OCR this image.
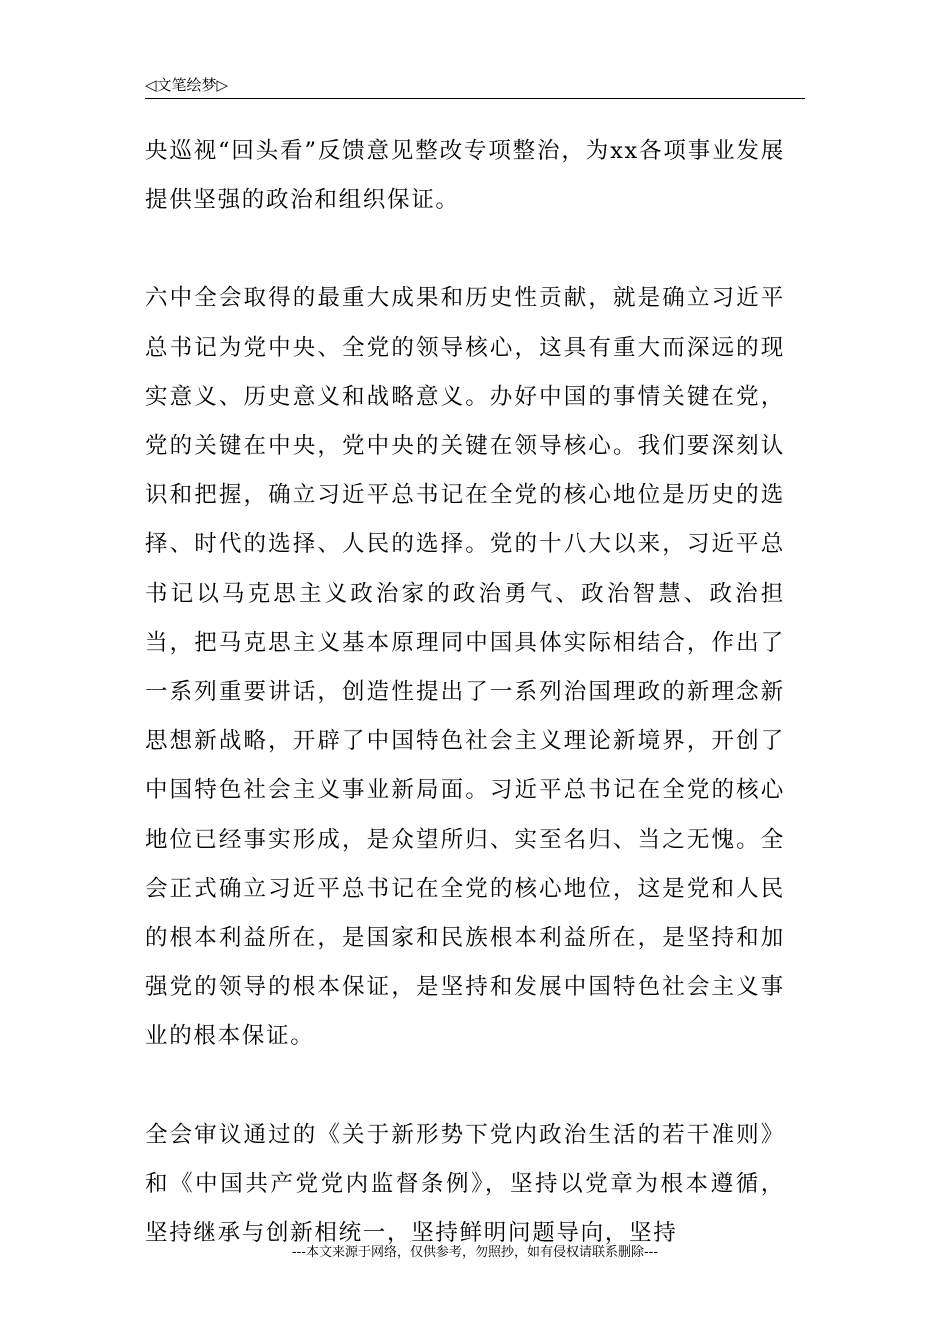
◁文笔绘梦▷

央巡视“回头看”反馈意见整改专项整治，为xx各项事业发展提供坚强的政治和组织保证。

六中全会取得的最重大成果和历史性贡献，就是确立习近平总书记为党中央、全党的领导核心，这具有重大而深远的现实意义、历史意义和战略意义。办好中国的事情关键在党，党的关键在中央，党中央的关键在领导核心。我们要深刻认识和把握，确立习近平总书记在全党的核心地位是历史的选择、时代的选择、人民的选择。党的十八大以来，习近平总书记以马克思主义政治家的政治勇气、政治智慧、政治担当，把马克思主义基本原理同中国具体实际相结合，作出了一系列重要讲话，创造性提出了一系列治国理政的新理念新思想新战略，开辟了中国特色社会主义理论新境界，开创了中国特色社会主义事业新局面。习近平总书记在全党的核心地位已经事实形成，是众望所归、实至名归、当之无愧。全会正式确立习近平总书记在全党的核心地位，这是党和人民的根本利益所在，是国家和民族根本利益所在，是坚持和加强党的领导的根本保证，是坚持和发展中国特色社会主义事业的根本保证。

全会审议通过的《关于新形势下党内政治生活的若干准则》和《中国共产党党内监督条例》，坚持以党章为根本遵循，坚持继承与创新相统一，坚持鲜明问题导向，坚持

---本文来源于网络，仅供参考，勿照抄，如有侵权请联系删除---
